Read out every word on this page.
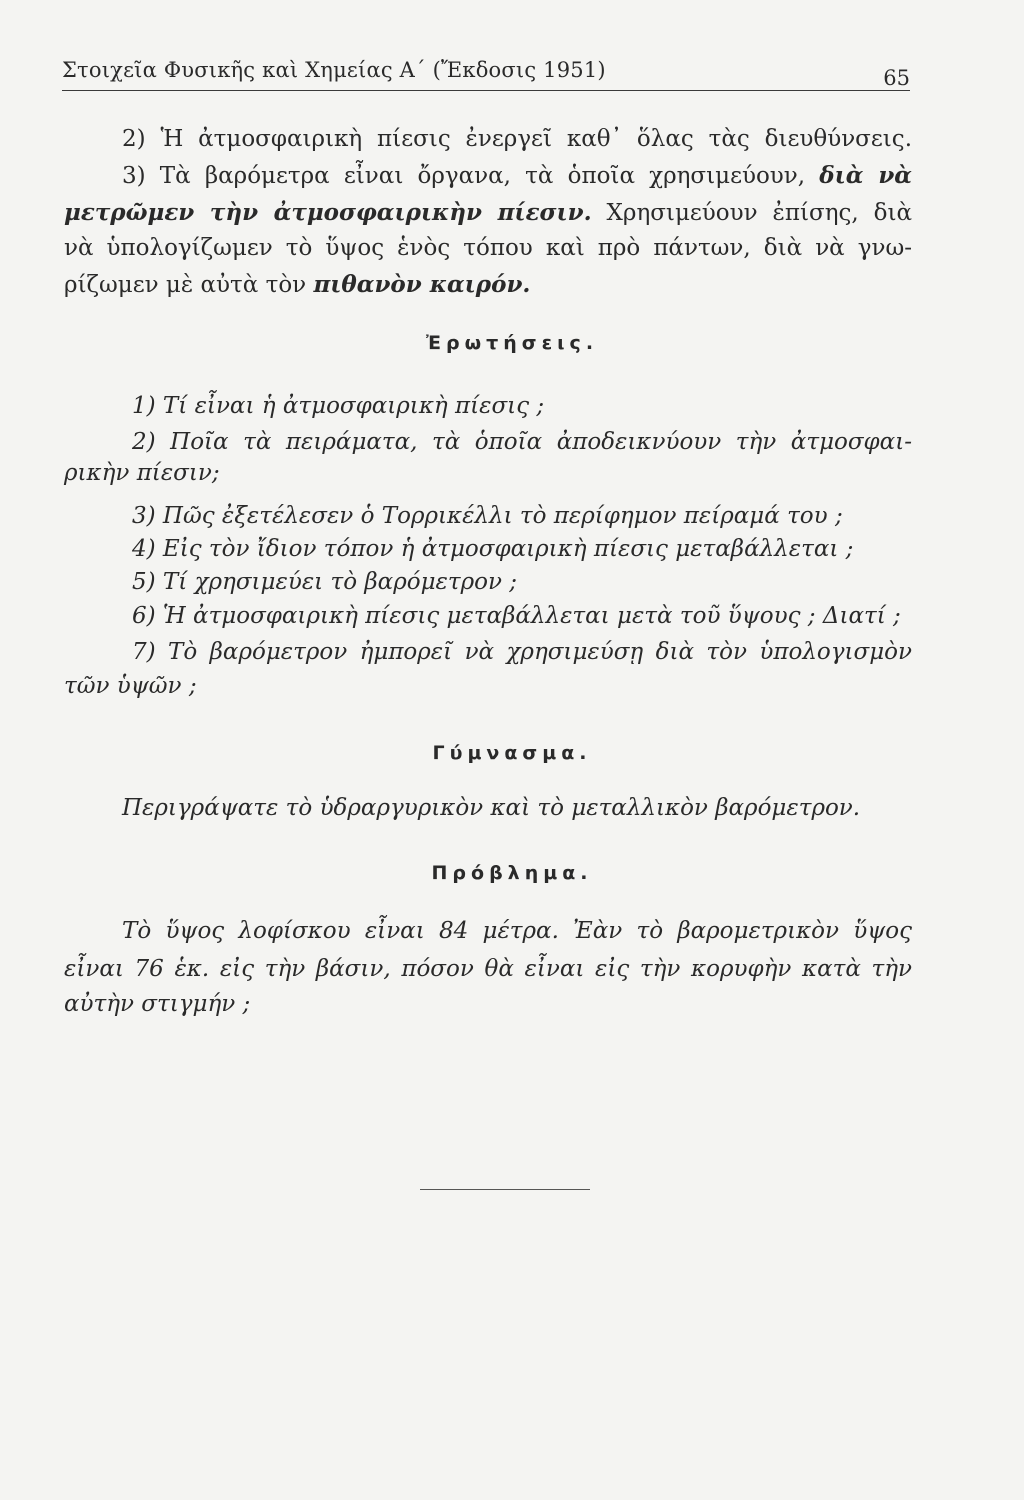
Στοιχεῖα Φυσικῆς καὶ Χημείας Α΄ (Ἔκδοσις 1951)	65
2) Ἡ ἀτμοσφαιρικὴ πίεσις ἐνεργεῖ καθ᾿ ὅλας τὰς διευθύνσεις.
3) Τὰ βαρόμετρα εἶναι ὄργανα, τὰ ὁποῖα χρησιμεύουν, διὰ νὰ
μετρῶμεν τὴν ἀτμοσφαιρικὴν πίεσιν. Χρησιμεύουν ἐπίσης, διὰ
νὰ ὑπολογίζωμεν τὸ ὕψος ἑνὸς τόπου καὶ πρὸ πάντων, διὰ νὰ γνω-
ρίζωμεν μὲ αὐτὰ τὸν πιθανὸν καιρόν.
Ἐρωτήσεις.
1) Τί εἶναι ἡ ἀτμοσφαιρικὴ πίεσις ;
2) Ποῖα τὰ πειράματα, τὰ ὁποῖα ἀποδεικνύουν τὴν ἀτμοσφαι-
ρικὴν πίεσιν;
3) Πῶς ἐξετέλεσεν ὁ Τορρικέλλι τὸ περίφημον πείραμά του ;
4) Εἰς τὸν ἴδιον τόπον ἡ ἀτμοσφαιρικὴ πίεσις μεταβάλλεται ;
5) Τί χρησιμεύει τὸ βαρόμετρον ;
6) Ἡ ἀτμοσφαιρικὴ πίεσις μεταβάλλεται μετὰ τοῦ ὕψους ; Διατί ;
7) Τὸ βαρόμετρον ἠμπορεῖ νὰ χρησιμεύσῃ διὰ τὸν ὑπολογισμὸν
τῶν ὑψῶν ;
Γύμνασμα.
Περιγράψατε τὸ ὑδραργυρικὸν καὶ τὸ μεταλλικὸν βαρόμετρον.
Πρόβλημα.
Τὸ ὕψος λοφίσκου εἶναι 84 μέτρα. Ἐὰν τὸ βαρομετρικὸν ὕψος
εἶναι 76 ἑκ. εἰς τὴν βάσιν, πόσον θὰ εἶναι εἰς τὴν κορυφὴν κατὰ τὴν
αὐτὴν στιγμήν ;
